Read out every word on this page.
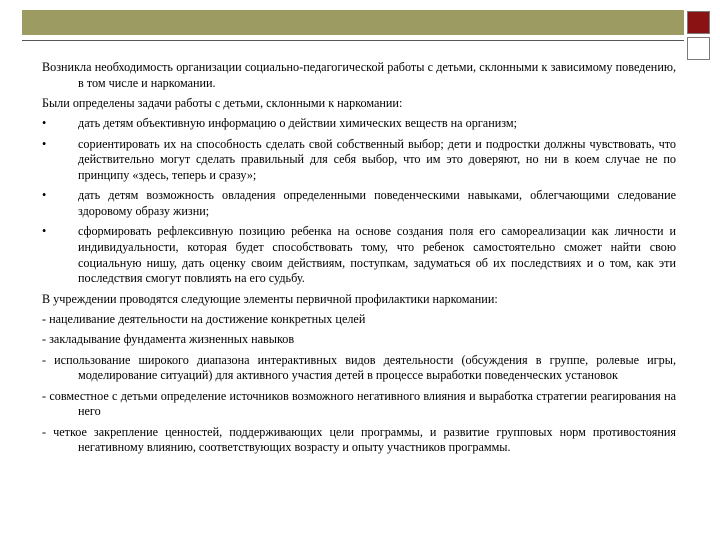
Возникла необходимость организации социально-педагогической работы с детьми, склонными к зависимому поведению, в том числе и наркомании.

Были определены задачи работы с детьми, склонными к наркомании:

•	дать детям объективную информацию о действии химических веществ на организм;
•	сориентировать их на способность сделать свой собственный выбор; дети и подростки должны чувствовать, что действительно могут сделать правильный для себя выбор, что им это доверяют, но ни в коем случае не по принципу «здесь, теперь и сразу»;
•	дать детям возможность овладения определенными поведенческими навыками, облегчающими следование здоровому образу жизни;
•	сформировать рефлексивную позицию ребенка на основе создания поля его самореализации как личности и индивидуальности, которая будет способствовать тому, что ребенок самостоятельно сможет найти свою социальную нишу, дать оценку своим действиям, поступкам, задуматься об их последствиях и о том, как эти последствия смогут повлиять на его судьбу.

В учреждении проводятся следующие элементы первичной профилактики наркомании:

- нацеливание деятельности на достижение конкретных целей

- закладывание фундамента жизненных навыков

- использование широкого диапазона интерактивных видов деятельности (обсуждения в группе, ролевые игры, моделирование ситуаций) для активного участия детей в процессе выработки поведенческих установок

- совместное с детьми определение источников возможного негативного влияния и выработка стратегии реагирования на него

- четкое закрепление ценностей, поддерживающих цели программы, и развитие групповых норм противостояния негативному влиянию, соответствующих возрасту и опыту участников программы.
